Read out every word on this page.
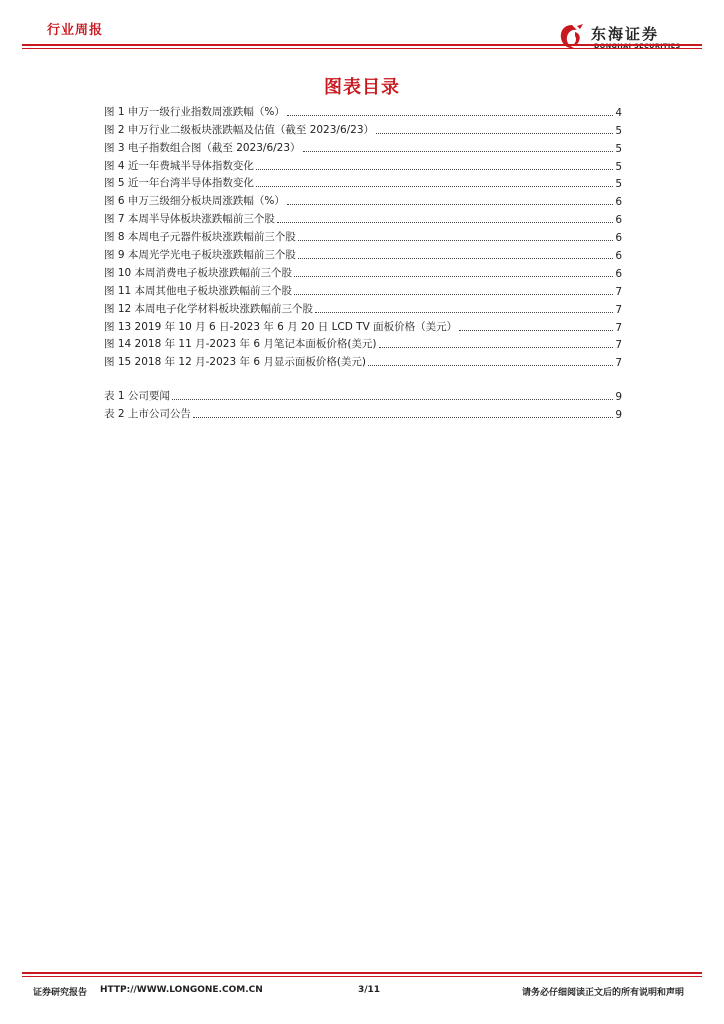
行业周报	东海证券
DONGHAI SECURITIES
图表目录
图 1 申万一级行业指数周涨跌幅（%）	4
图 2 申万行业二级板块涨跌幅及估值（截至 2023/6/23）	5
图 3 电子指数组合图（截至 2023/6/23）	5
图 4 近一年费城半导体指数变化	5
图 5 近一年台湾半导体指数变化	5
图 6 申万三级细分板块周涨跌幅（%）	6
图 7 本周半导体板块涨跌幅前三个股	6
图 8 本周电子元器件板块涨跌幅前三个股	6
图 9 本周光学光电子板块涨跌幅前三个股	6
图 10 本周消费电子板块涨跌幅前三个股	6
图 11 本周其他电子板块涨跌幅前三个股	7
图 12 本周电子化学材料板块涨跌幅前三个股	7
图 13 2019 年 10 月 6 日-2023 年 6 月 20 日 LCD TV 面板价格（美元）	7
图 14 2018 年 11 月-2023 年 6 月笔记本面板价格(美元)	7
图 15 2018 年 12 月-2023 年 6 月显示面板价格(美元)	7
表 1 公司要闻	9
表 2 上市公司公告	9
证券研究报告 HTTP://WWW.LONGONE.COM.CN	3/11	请务必仔细阅读正文后的所有说明和声明
